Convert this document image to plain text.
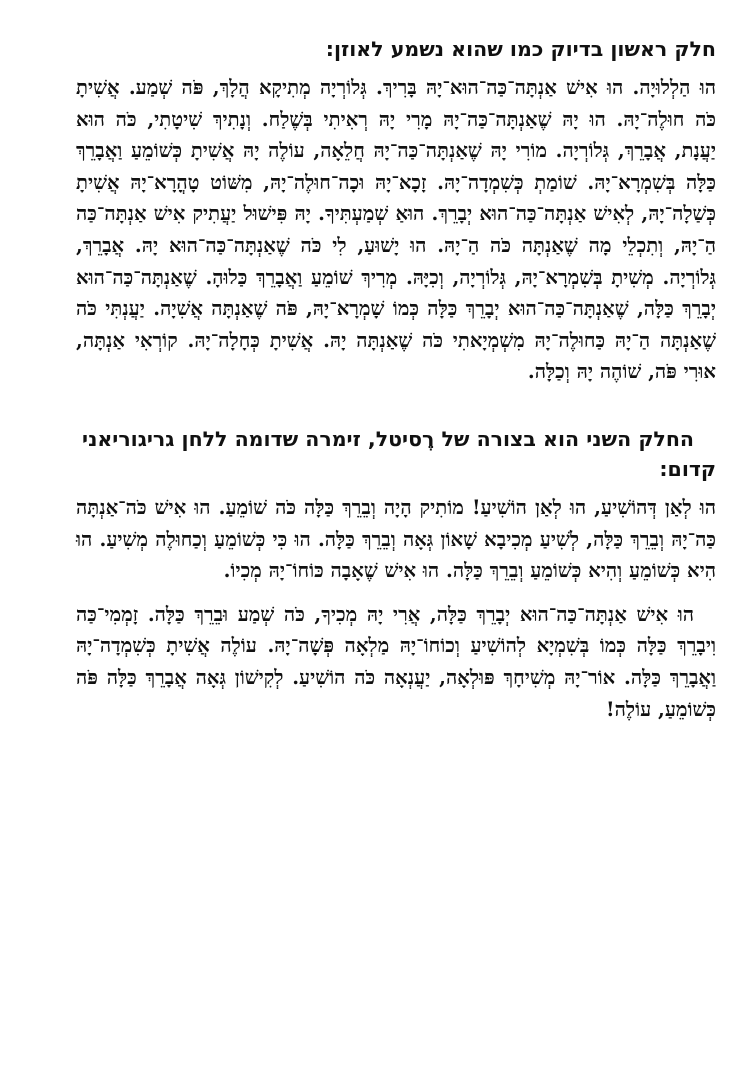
חלק ראשון בדיוק כמו שהוא נשמע לאוזן:

הוּ הַלְלוּיָה. הוּ אִישׁ אַנְתָּה־כַּה־הוּא־יָהּ בָּרִיךְ. גְּלוֹרְיָה מְתִיקָא הֲלָךְ, פֹּה שְׁמַע. אֲשִׁיתָ כֹּה חוּלֶה־יָהּ. הוּ יָהּ שֶׁאַנְתָּה־כַּה־יָהּ מָרִי יָהּ רְאִיתִי בְּשֶׁלַח. וְנָתִיךְ שִׁיטָתִי, כֹּה הוּא יַעֲנָת, אֲבָרֵךְ, גְּלוֹרְיָה. מוֹרִי יָהּ שֶׁאַנְתָּה־כַּה־יָהּ חֲלֵאָה, עוֹלֶה יָהּ אֲשִׁיתָ כְּשׁוֹמֵעַ וַאֲבָרֵךְ כַּלָּה בְּשִׁמְרָא־יָהּ. שׁוֹמַתְ כְּשִׁמְדָה־יָהּ. זָכָא־יָהּ וּכָה־חוּלֶה־יָהּ, מִשּׁוֹט טָהֳרָא־יָהּ אֲשִׁיתָ כְּשַׁלָה־יָהּ, לְאִישׁ אַנְתָּה־כַּה־הוּא יְבָרֵךְ. הוּאַ שְׁמַעְתִּיךָ. יָהּ פִּישׁוּל יַעֲתִיק אִישׁ אַנְתָּה־כַּה הַ־יָהּ, וְתִכְלֵי מָה שֶׁאַנְתָּה כֹּה הַ־יָהּ. הוּ יָשׁוּעַ, לִי כֹּה שֶׁאַנְתָּה־כַּה־הוּא יָהּ. אֲבָרֵךְ, גְּלוֹרְיָה. מְשִׁיתָ בְּשִׁמְרָא־יָהּ, גְּלוֹרְיָה, וְכִיָּהּ. מְרִיךְ שׁוֹמֵעַ וַאֲבָרֵךְ כַּלוּהָ. שֶׁאַנְתָּה־כַּה־הוּא יְבָרֵךְ כַּלָּה, שֶׁאַנְתָּה־כַּה־הוּא יְבָרֵךְ כַּלָּה כְּמוֹ שָׁמְרָא־יָהּ, פֹּה שֶׁאַנְתָּה אֲשִׁיָה. יַעֲנְתִּי כֹּה שֶׁאַנְתָּה הַ־יָהּ כַּחוּלֶה־יָהּ מִשְׁמְיָאתִי כֹּה שֶׁאַנְתָּה יָהּ. אֲשִׁיתָ כְּחָלָה־יָהּ. קוֹרְאִי אַנְתָּה, אוּרִי פֹּה, שׁוֹהֶה יָהּ וְכַלָּה.

החלק השני הוא בצורה של רֶסיטל, זימרה שדומה ללחן גריגוריאני קדום:

הוּ לְאַן דְּהוֹשִׁיעַ, הוּ לְאַן הוֹשִׁיעַ! מוֹתִיק הָיָה וְבֵרֵךְ כַּלָּה כֹּה שׁוֹמֵעַ. הוּ אִישׁ כֹּה־אַנְתָּה כַּה־יָהּ וְבֵרֵךְ כַּלָּה, לְשִׁיעַ מְכִיבָא שָׁאוֹן גְּאָה וְבֵרֵךְ כַּלָּה. הוּ כִּי כְּשׁוֹמֵעַ וְכַחוּלֶה מְשִׁיעַ. הוּ הִיא כְּשׁוֹמֵעַ וְהִיא כְּשׁוֹמֵעַ וְבֵרֵךְ כַּלָּה. הוּ אִישׁ שֶׁאָבָה כּוֹחוֹ־יָהּ מְכִיוֹ.

הוּ אִישׁ אַנְתָּה־כַּה־הוּא יְבָרֵךְ כַּלָּה, אֲרִי יָהּ מְכִיךָ, כֹּה שְׁמַע וּבֵרֵךְ כַּלָּה. זָמְמִי־כַּה וִיבָרֵךְ כַּלָּה כְּמוֹ בְּשִׁמְיָא לְהוֹשִׁיעַ וְכוֹחוֹ־יָהּ מַלְאָה פְּשָׁה־יָהּ. עוֹלֶה אֲשִׁיתָ כְּשִׁמְדָה־יָהּ וַאֲבָרֵךְ כַּלָּה. אוֹר־יָהּ מְשִׁיחָךְ פּוּלְאָה, יַעֲנְאָה כֹּה הוֹשִׁיעַ. לְקִישׁוֹן גְּאָה אֲבָרֵךְ כַּלָּה פֹּה כְּשׁוֹמֵעַ, עוֹלֶה!
